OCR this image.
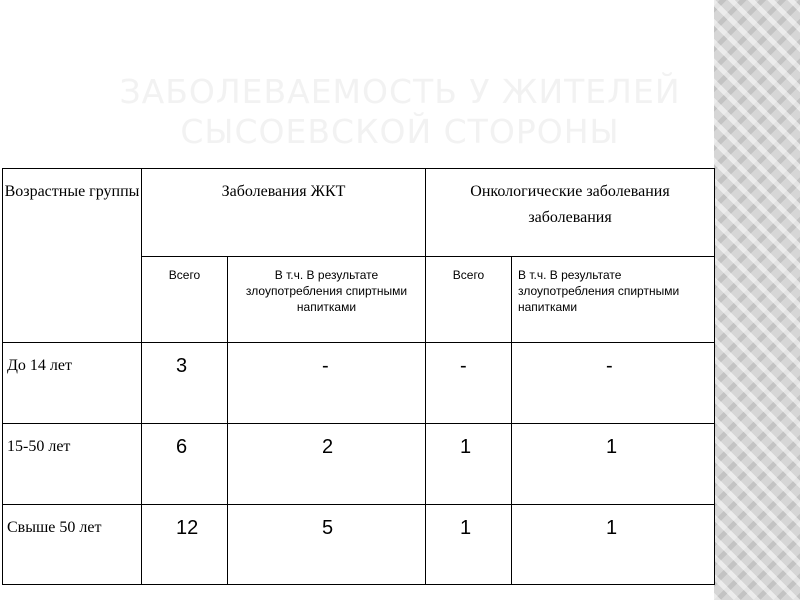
ЗАБОЛЕВАЕМОСТЬ У ЖИТЕЛЕЙ
СЫСОЕВСКОЙ СТОРОНЫ
Возрастные группы	Заболевания ЖКТ		Онкологические заболевания
заболевания	

	Всего	В т.ч. В результате злоупотребления спиртными напитками	Всего	В т.ч. В результате злоупотребления спиртными напитками
До 14 лет	3	-	-	-
15-50 лет	6	2	1	1
Свыше 50 лет	12	5	1	1
